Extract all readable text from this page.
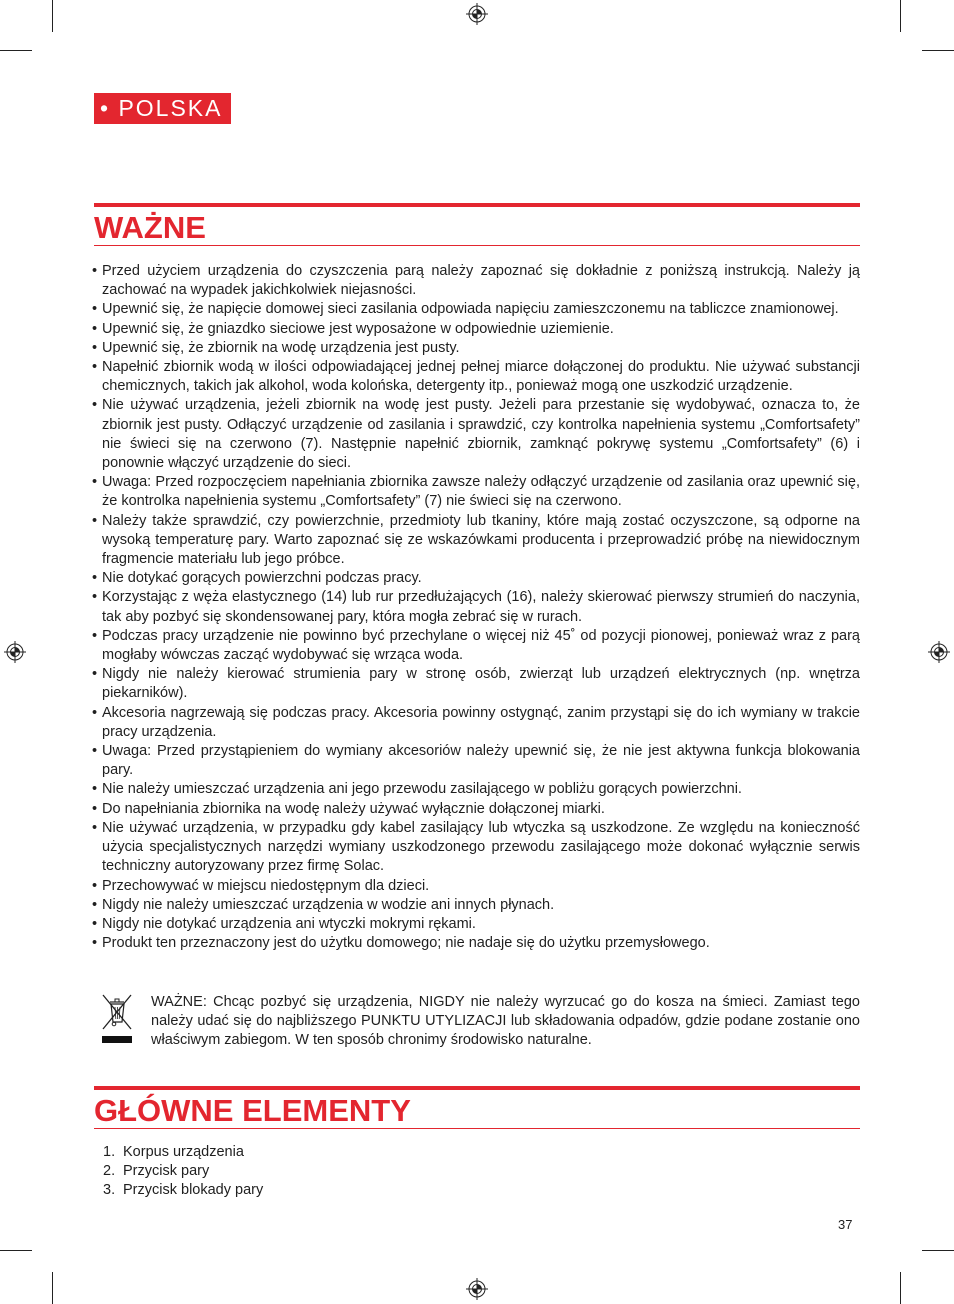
• POLSKA
WAŻNE
• Przed użyciem urządzenia do czyszczenia parą należy zapoznać się dokładnie z poniższą instrukcją. Należy ją zachować na wypadek jakichkolwiek niejasności.
• Upewnić się, że napięcie domowej sieci zasilania odpowiada napięciu zamieszczonemu na tabliczce znamionowej.
• Upewnić się, że gniazdko sieciowe jest wyposażone w odpowiednie uziemienie.
• Upewnić się, że zbiornik na wodę urządzenia jest pusty.
• Napełnić zbiornik wodą w ilości odpowiadającej jednej pełnej miarce dołączonej do produktu. Nie używać substancji chemicznych, takich jak alkohol, woda kolońska, detergenty itp., ponieważ mogą one uszkodzić urządzenie.
• Nie używać urządzenia, jeżeli zbiornik na wodę jest pusty. Jeżeli para przestanie się wydobywać, oznacza to, że zbiornik jest pusty. Odłączyć urządzenie od zasilania i sprawdzić, czy kontrolka napełnienia systemu „Comfortsafety” nie świeci się na czerwono (7). Następnie napełnić zbiornik, zamknąć pokrywę systemu „Comfortsafety” (6) i ponownie włączyć urządzenie do sieci.
• Uwaga: Przed rozpoczęciem napełniania zbiornika zawsze należy odłączyć urządzenie od zasilania oraz upewnić się, że kontrolka napełnienia systemu „Comfortsafety” (7) nie świeci się na czerwono.
• Należy także sprawdzić, czy powierzchnie, przedmioty lub tkaniny, które mają zostać oczyszczone, są odporne na wysoką temperaturę pary. Warto zapoznać się ze wskazówkami producenta i przeprowadzić próbę na niewidocznym fragmencie materiału lub jego próbce.
• Nie dotykać gorących powierzchni podczas pracy.
• Korzystając z węża elastycznego (14) lub rur przedłużających (16), należy skierować pierwszy strumień do naczynia, tak aby pozbyć się skondensowanej pary, która mogła zebrać się w rurach.
• Podczas pracy urządzenie nie powinno być przechylane o więcej niż 45˚ od pozycji pionowej, ponieważ wraz z parą mogłaby wówczas zacząć wydobywać się wrząca woda.
• Nigdy nie należy kierować strumienia pary w stronę osób, zwierząt lub urządzeń elektrycznych (np. wnętrza piekarników).
• Akcesoria nagrzewają się podczas pracy. Akcesoria powinny ostygnąć, zanim przystąpi się do ich wymiany w trakcie pracy urządzenia.
• Uwaga: Przed przystąpieniem do wymiany akcesoriów należy upewnić się, że nie jest aktywna funkcja blokowania pary.
• Nie należy umieszczać urządzenia ani jego przewodu zasilającego w pobliżu gorących powierzchni.
• Do napełniania zbiornika na wodę należy używać wyłącznie dołączonej miarki.
• Nie używać urządzenia, w przypadku gdy kabel zasilający lub wtyczka są uszkodzone. Ze względu na konieczność użycia specjalistycznych narzędzi wymiany uszkodzonego przewodu zasilającego może dokonać wyłącznie serwis techniczny autoryzowany przez firmę Solac.
• Przechowywać w miejscu niedostępnym dla dzieci.
• Nigdy nie należy umieszczać urządzenia w wodzie ani innych płynach.
• Nigdy nie dotykać urządzenia ani wtyczki mokrymi rękami.
• Produkt ten przeznaczony jest do użytku domowego; nie nadaje się do użytku przemysłowego.
WAŻNE: Chcąc pozbyć się urządzenia, NIGDY nie należy wyrzucać go do kosza na śmieci. Zamiast tego należy udać się do najbliższego PUNKTU UTYLIZACJI lub składowania odpadów, gdzie podane zostanie ono właściwym zabiegom. W ten sposób chronimy środowisko naturalne.
GŁÓWNE ELEMENTY
1. Korpus urządzenia
2. Przycisk pary
3. Przycisk blokady pary
37
